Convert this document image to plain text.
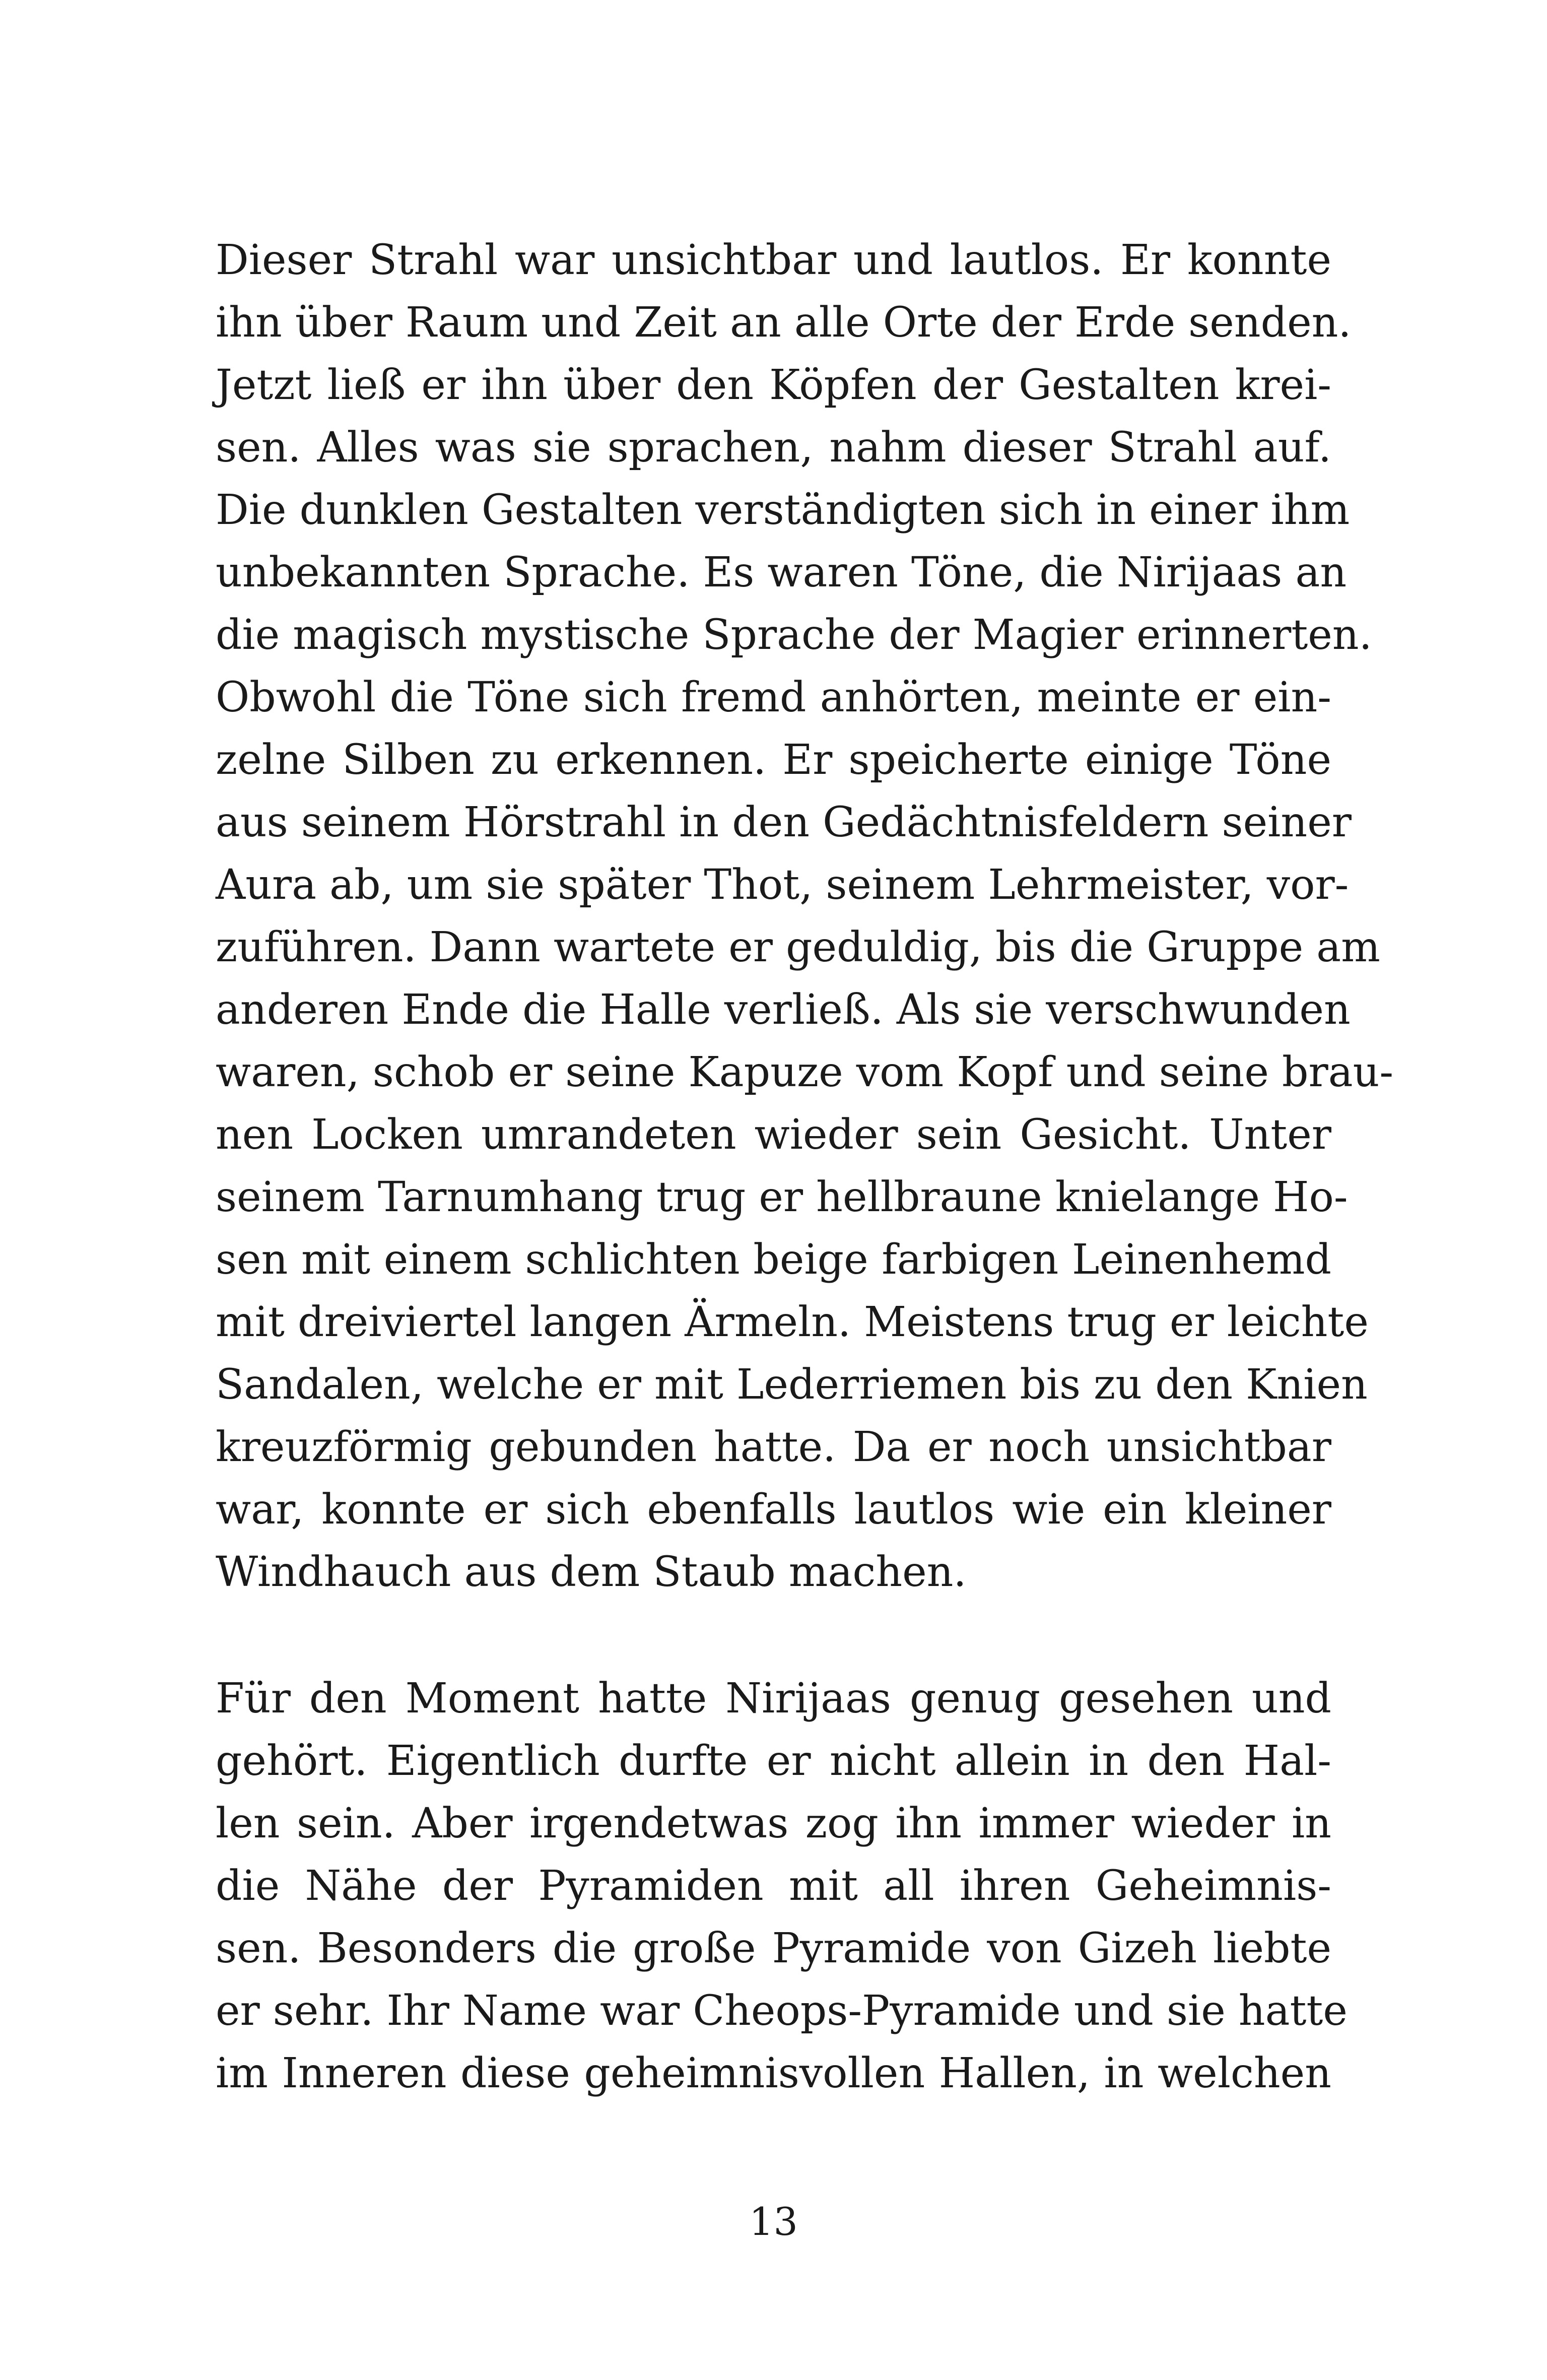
Dieser Strahl war unsichtbar und lautlos. Er konnte
ihn über Raum und Zeit an alle Orte der Erde senden.
Jetzt ließ er ihn über den Köpfen der Gestalten krei-
sen. Alles was sie sprachen, nahm dieser Strahl auf.
Die dunklen Gestalten verständigten sich in einer ihm
unbekannten Sprache. Es waren Töne, die Nirijaas an
die magisch mystische Sprache der Magier erinnerten.
Obwohl die Töne sich fremd anhörten, meinte er ein-
zelne Silben zu erkennen. Er speicherte einige Töne
aus seinem Hörstrahl in den Gedächtnisfeldern seiner
Aura ab, um sie später Thot, seinem Lehrmeister, vor-
zuführen. Dann wartete er geduldig, bis die Gruppe am
anderen Ende die Halle verließ. Als sie verschwunden
waren, schob er seine Kapuze vom Kopf und seine brau-
nen Locken umrandeten wieder sein Gesicht. Unter
seinem Tarnumhang trug er hellbraune knielange Ho-
sen mit einem schlichten beige farbigen Leinenhemd
mit dreiviertel langen Ärmeln. Meistens trug er leichte
Sandalen, welche er mit Lederriemen bis zu den Knien
kreuzförmig gebunden hatte. Da er noch unsichtbar
war, konnte er sich ebenfalls lautlos wie ein kleiner
Windhauch aus dem Staub machen.
Für den Moment hatte Nirijaas genug gesehen und
gehört. Eigentlich durfte er nicht allein in den Hal-
len sein. Aber irgendetwas zog ihn immer wieder in
die Nähe der Pyramiden mit all ihren Geheimnis-
sen. Besonders die große Pyramide von Gizeh liebte
er sehr. Ihr Name war Cheops-Pyramide und sie hatte
im Inneren diese geheimnisvollen Hallen, in welchen
13
